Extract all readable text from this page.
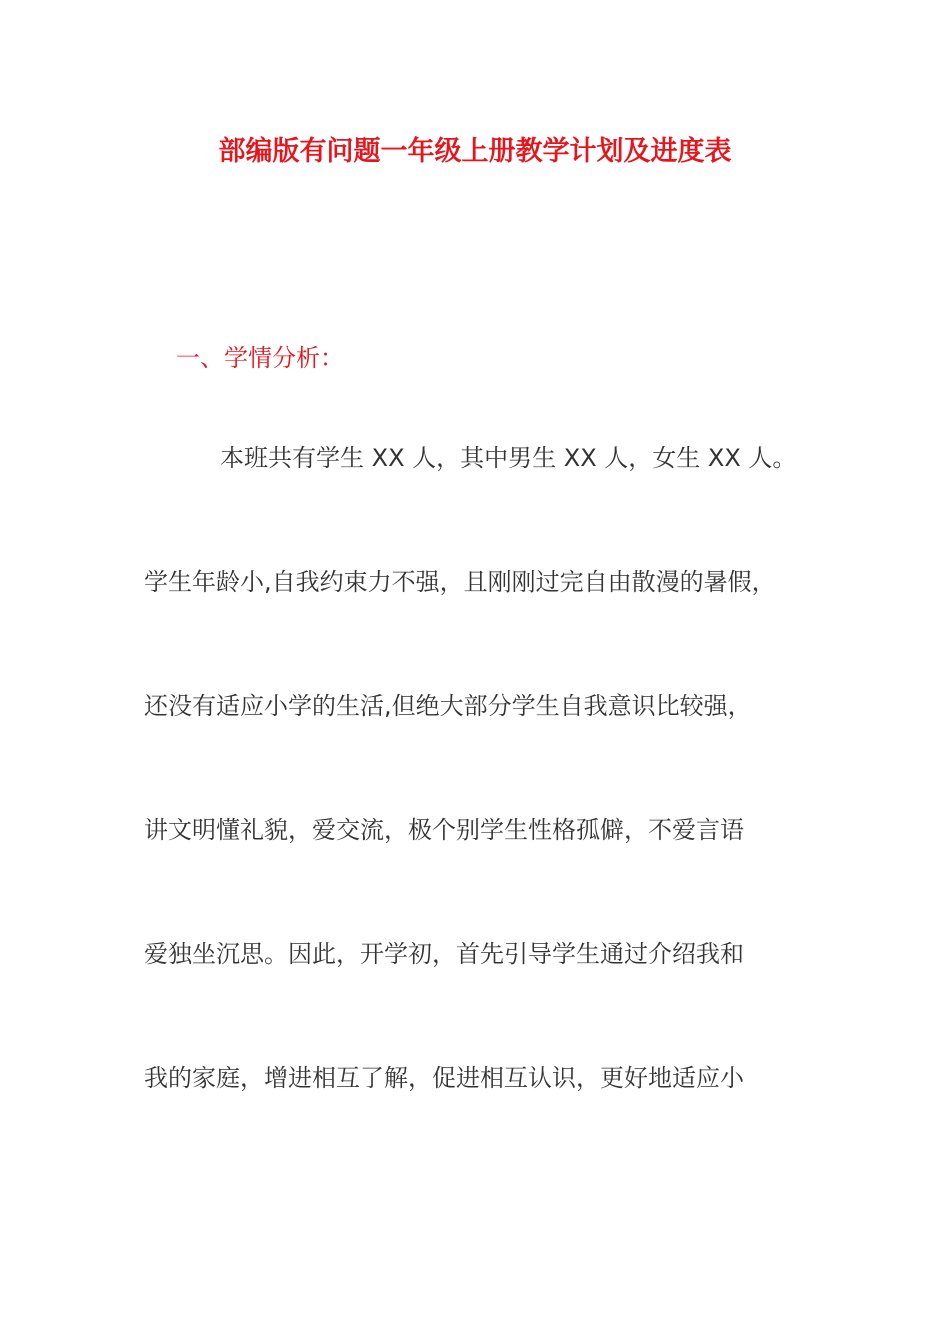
部编版有问题一年级上册教学计划及进度表
一、学情分析：
本班共有学生 XX 人，其中男生 XX 人，女生 XX 人。
学生年龄小,自我约束力不强，且刚刚过完自由散漫的暑假，
还没有适应小学的生活,但绝大部分学生自我意识比较强，
讲文明懂礼貌，爱交流，极个别学生性格孤僻，不爱言语
爱独坐沉思。因此，开学初，首先引导学生通过介绍我和
我的家庭，增进相互了解，促进相互认识，更好地适应小
